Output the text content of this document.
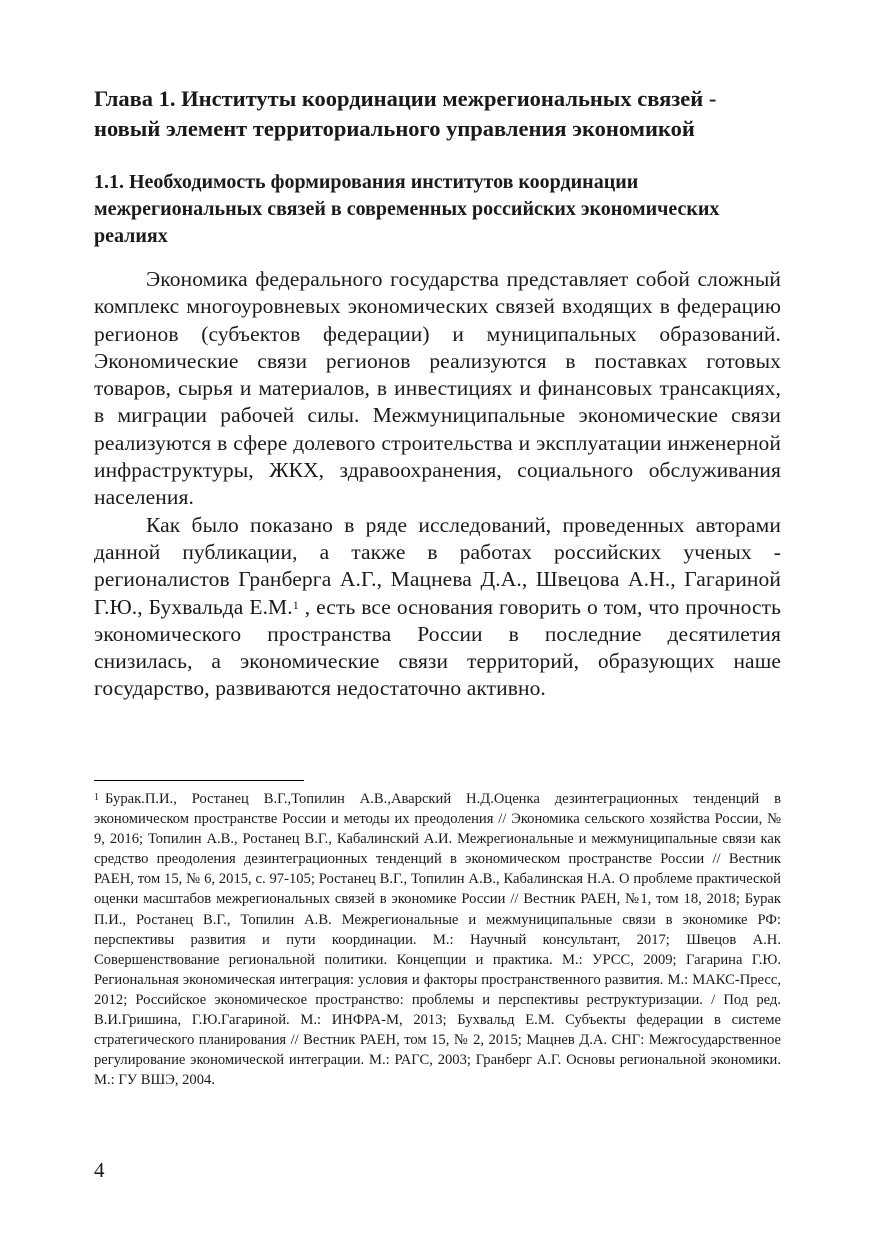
Глава 1. Институты координации межрегиональных связей - новый элемент территориального управления экономикой
1.1. Необходимость формирования институтов координации межрегиональных связей в современных российских экономических реалиях

Экономика федерального государства представляет собой сложный комплекс многоуровневых экономических связей входящих в федерацию регионов (субъектов федерации) и муниципальных образований. Экономические связи регионов реализуются в поставках готовых товаров, сырья и материалов, в инвестициях и финансовых трансакциях, в миграции рабочей силы. Межмуниципальные экономические связи реализуются в сфере долевого строительства и эксплуатации инженерной инфраструктуры, ЖКХ, здравоохранения, социального обслуживания населения.

Как было показано в ряде исследований, проведенных авторами данной публикации, а также в работах российских ученых - регионалистов Гранберга А.Г., Мацнева Д.А., Швецова А.Н., Гагариной Г.Ю., Бухвальда Е.М.$^1$ , есть все основания говорить о том, что прочность экономического пространства России в последние десятилетия снизилась, а экономические связи территорий, образующих наше государство, развиваются недостаточно активно.

$^1$ Бурак.П.И., Ростанец В.Г.,Топилин А.В.,Аварский Н.Д.Оценка дезинтеграционных тенденций в экономическом пространстве России и методы их преодоления // Экономика сельского хозяйства России, № 9, 2016; Топилин А.В., Ростанец В.Г., Кабалинский А.И. Межрегиональные и межмуниципальные связи как средство преодоления дезинтеграционных тенденций в экономическом пространстве России // Вестник РАЕН, том 15, № 6, 2015, с. 97-105; Ростанец В.Г., Топилин А.В., Кабалинская Н.А. О проблеме практической оценки масштабов межрегиональных связей в экономике России // Вестник РАЕН, №1, том 18, 2018; Бурак П.И., Ростанец В.Г., Топилин А.В. Межрегиональные и межмуниципальные связи в экономике РФ: перспективы развития и пути координации. М.: Научный консультант, 2017; Швецов А.Н. Совершенствование региональной политики. Концепции и практика. М.: УРСС, 2009; Гагарина Г.Ю. Региональная экономическая интеграция: условия и факторы пространственного развития. М.: МАКС-Пресс, 2012; Российское экономическое пространство: проблемы и перспективы реструктуризации. / Под ред. В.И.Гришина, Г.Ю.Гагариной. М.: ИНФРА-М, 2013; Бухвальд Е.М. Субъекты федерации в системе стратегического планирования // Вестник РАЕН, том 15, № 2, 2015; Мацнев Д.А. СНГ: Межгосударственное регулирование экономической интеграции. М.: РАГС, 2003; Гранберг А.Г. Основы региональной экономики. М.: ГУ ВШЭ, 2004.

4
